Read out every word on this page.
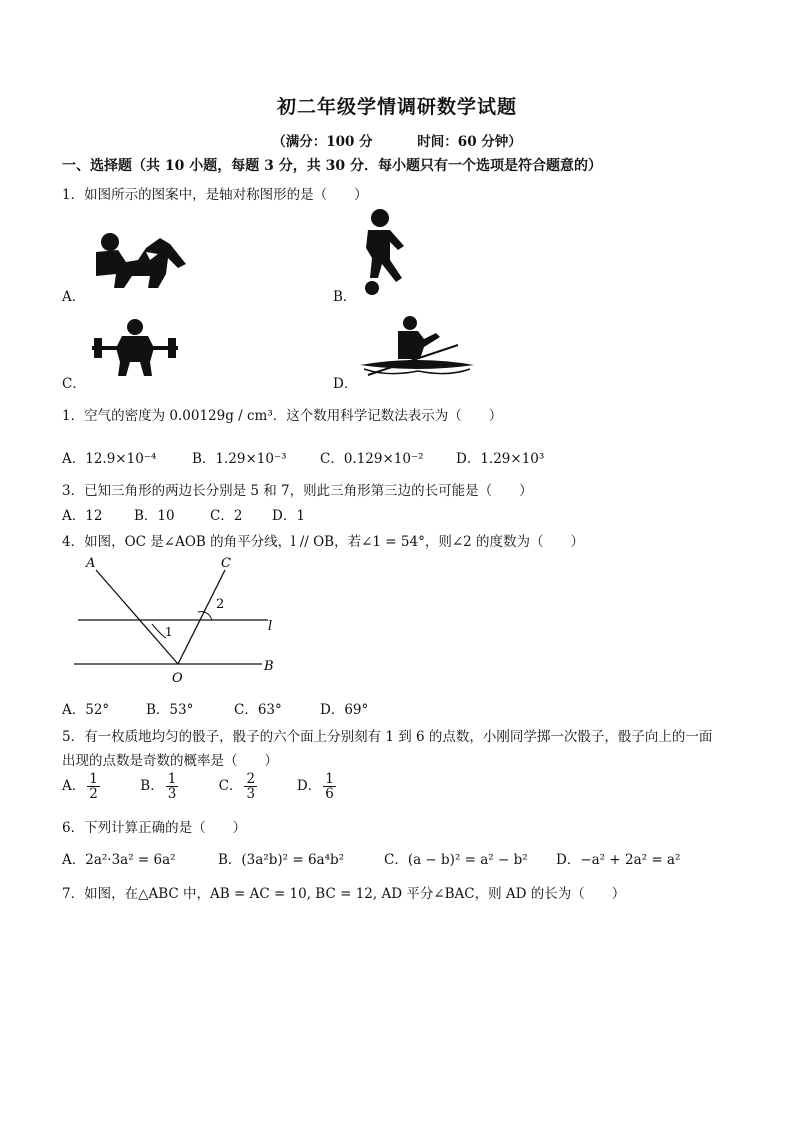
初二年级学情调研数学试题
（满分：100 分	时间：60 分钟）
一、选择题（共 10 小题，每题 3 分，共 30 分．每小题只有一个选项是符合题意的）
1．如图所示的图案中，是轴对称图形的是（　　）
A．	B．
C．	D．
1．空气的密度为 0.00129g / cm³．这个数用科学记数法表示为（　　）
A．12.9×10⁻⁴	B．1.29×10⁻³ C．0.129×10⁻² D．1.29×10³
3．已知三角形的两边长分别是 5 和 7，则此三角形第三边的长可能是（　　）
A．12 B．10	C．2 D．1
4．如图，OC 是∠AOB 的角平分线，l // OB，若∠1 = 54°，则∠2 的度数为（　　）
A	C
2
l
1
O
B
A．52°	B．53°	C．63°	D．69°
5．有一枚质地均匀的骰子，骰子的六个面上分别刻有 1 到 6 的点数，小刚同学掷一次骰子，骰子向上的一面
出现的点数是奇数的概率是（　　）
A． $\frac{1}{2}$	B． $\frac{1}{3}$	C． $\frac{2}{3}$	D． $\frac{1}{6}$
6．下列计算正确的是（　　）
A．2a²·3a² = 6a²	B．(3a²b)² = 6a⁴b²	C．(a − b)² = a² − b² D．−a² + 2a² = a²
7．如图，在△ABC 中，AB = AC = 10, BC = 12, AD 平分∠BAC，则 AD 的长为（　　）
